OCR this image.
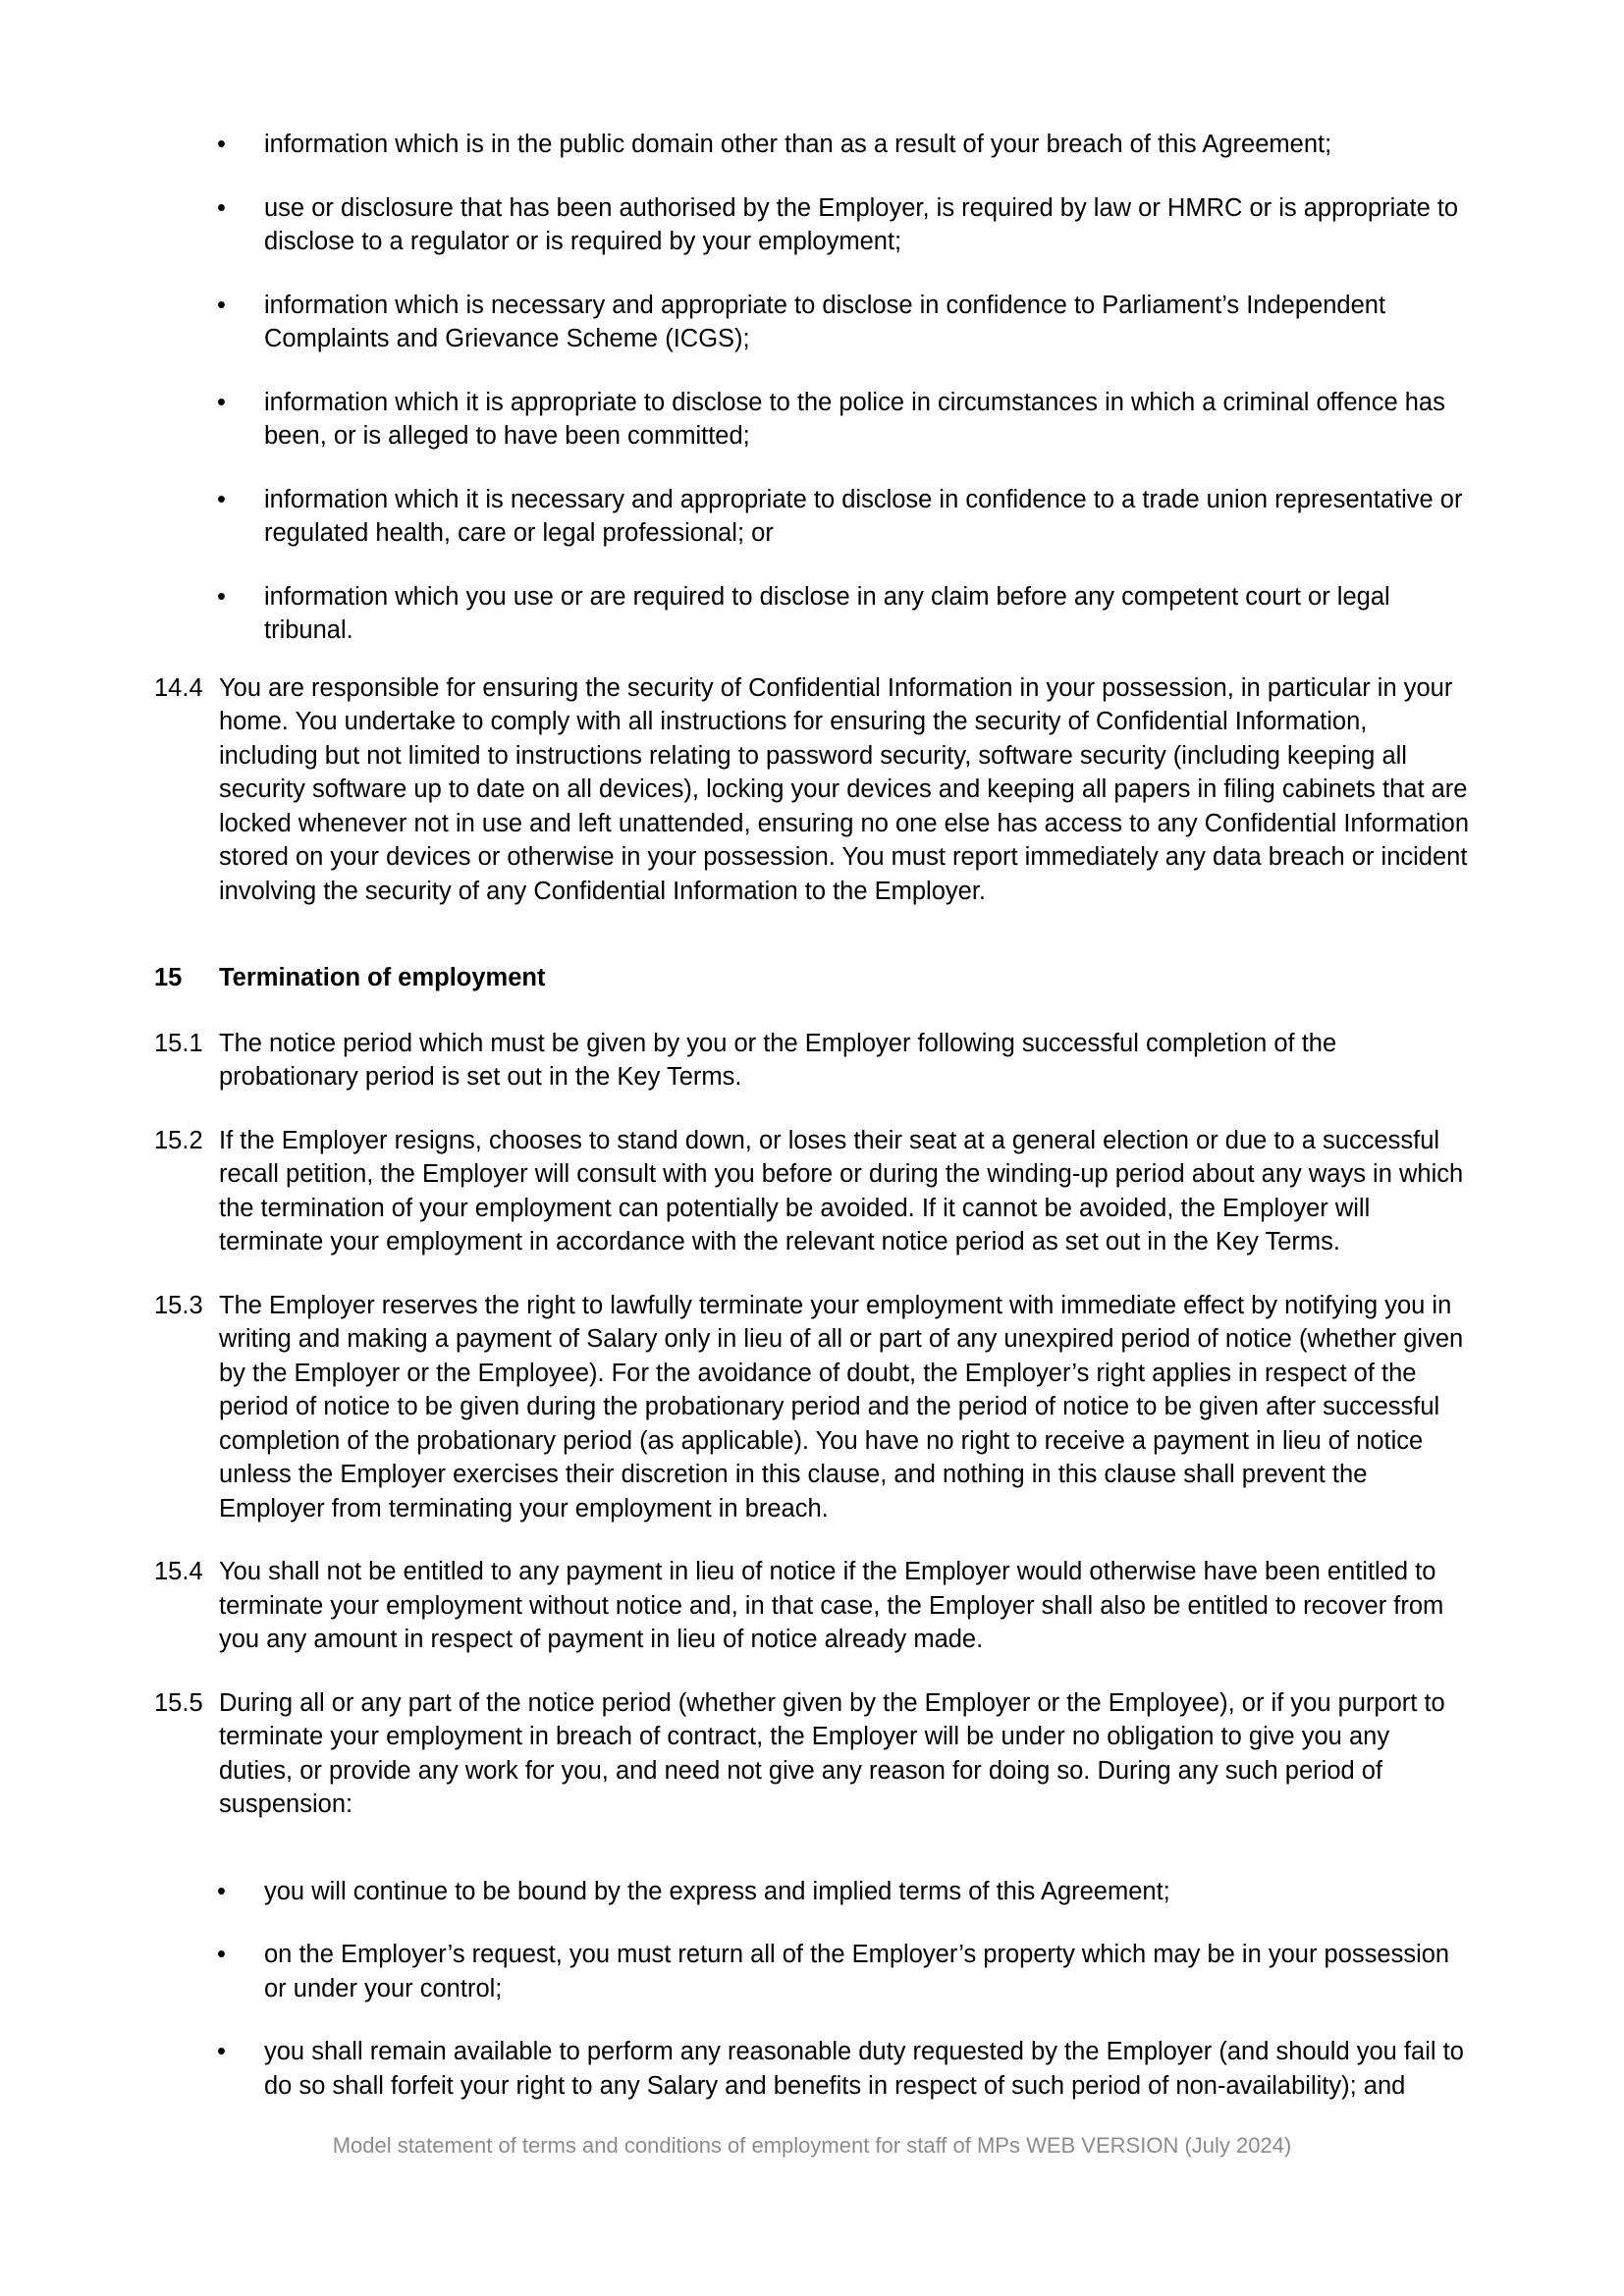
• information which is in the public domain other than as a result of your breach of this Agreement;
• use or disclosure that has been authorised by the Employer, is required by law or HMRC or is appropriate to disclose to a regulator or is required by your employment;
• information which is necessary and appropriate to disclose in confidence to Parliament’s Independent Complaints and Grievance Scheme (ICGS);
• information which it is appropriate to disclose to the police in circumstances in which a criminal offence has been, or is alleged to have been committed;
• information which it is necessary and appropriate to disclose in confidence to a trade union representative or regulated health, care or legal professional; or
• information which you use or are required to disclose in any claim before any competent court or legal tribunal.
14.4 You are responsible for ensuring the security of Confidential Information in your possession, in particular in your home. You undertake to comply with all instructions for ensuring the security of Confidential Information, including but not limited to instructions relating to password security, software security (including keeping all security software up to date on all devices), locking your devices and keeping all papers in filing cabinets that are locked whenever not in use and left unattended, ensuring no one else has access to any Confidential Information stored on your devices or otherwise in your possession. You must report immediately any data breach or incident involving the security of any Confidential Information to the Employer.
15 Termination of employment
15.1 The notice period which must be given by you or the Employer following successful completion of the probationary period is set out in the Key Terms.
15.2 If the Employer resigns, chooses to stand down, or loses their seat at a general election or due to a successful recall petition, the Employer will consult with you before or during the winding-up period about any ways in which the termination of your employment can potentially be avoided. If it cannot be avoided, the Employer will terminate your employment in accordance with the relevant notice period as set out in the Key Terms.
15.3 The Employer reserves the right to lawfully terminate your employment with immediate effect by notifying you in writing and making a payment of Salary only in lieu of all or part of any unexpired period of notice (whether given by the Employer or the Employee). For the avoidance of doubt, the Employer’s right applies in respect of the period of notice to be given during the probationary period and the period of notice to be given after successful completion of the probationary period (as applicable). You have no right to receive a payment in lieu of notice unless the Employer exercises their discretion in this clause, and nothing in this clause shall prevent the Employer from terminating your employment in breach.
15.4 You shall not be entitled to any payment in lieu of notice if the Employer would otherwise have been entitled to terminate your employment without notice and, in that case, the Employer shall also be entitled to recover from you any amount in respect of payment in lieu of notice already made.
15.5 During all or any part of the notice period (whether given by the Employer or the Employee), or if you purport to terminate your employment in breach of contract, the Employer will be under no obligation to give you any duties, or provide any work for you, and need not give any reason for doing so. During any such period of suspension:
• you will continue to be bound by the express and implied terms of this Agreement;
• on the Employer’s request, you must return all of the Employer’s property which may be in your possession or under your control;
• you shall remain available to perform any reasonable duty requested by the Employer (and should you fail to do so shall forfeit your right to any Salary and benefits in respect of such period of non-availability); and
Model statement of terms and conditions of employment for staff of MPs WEB VERSION (July 2024)
